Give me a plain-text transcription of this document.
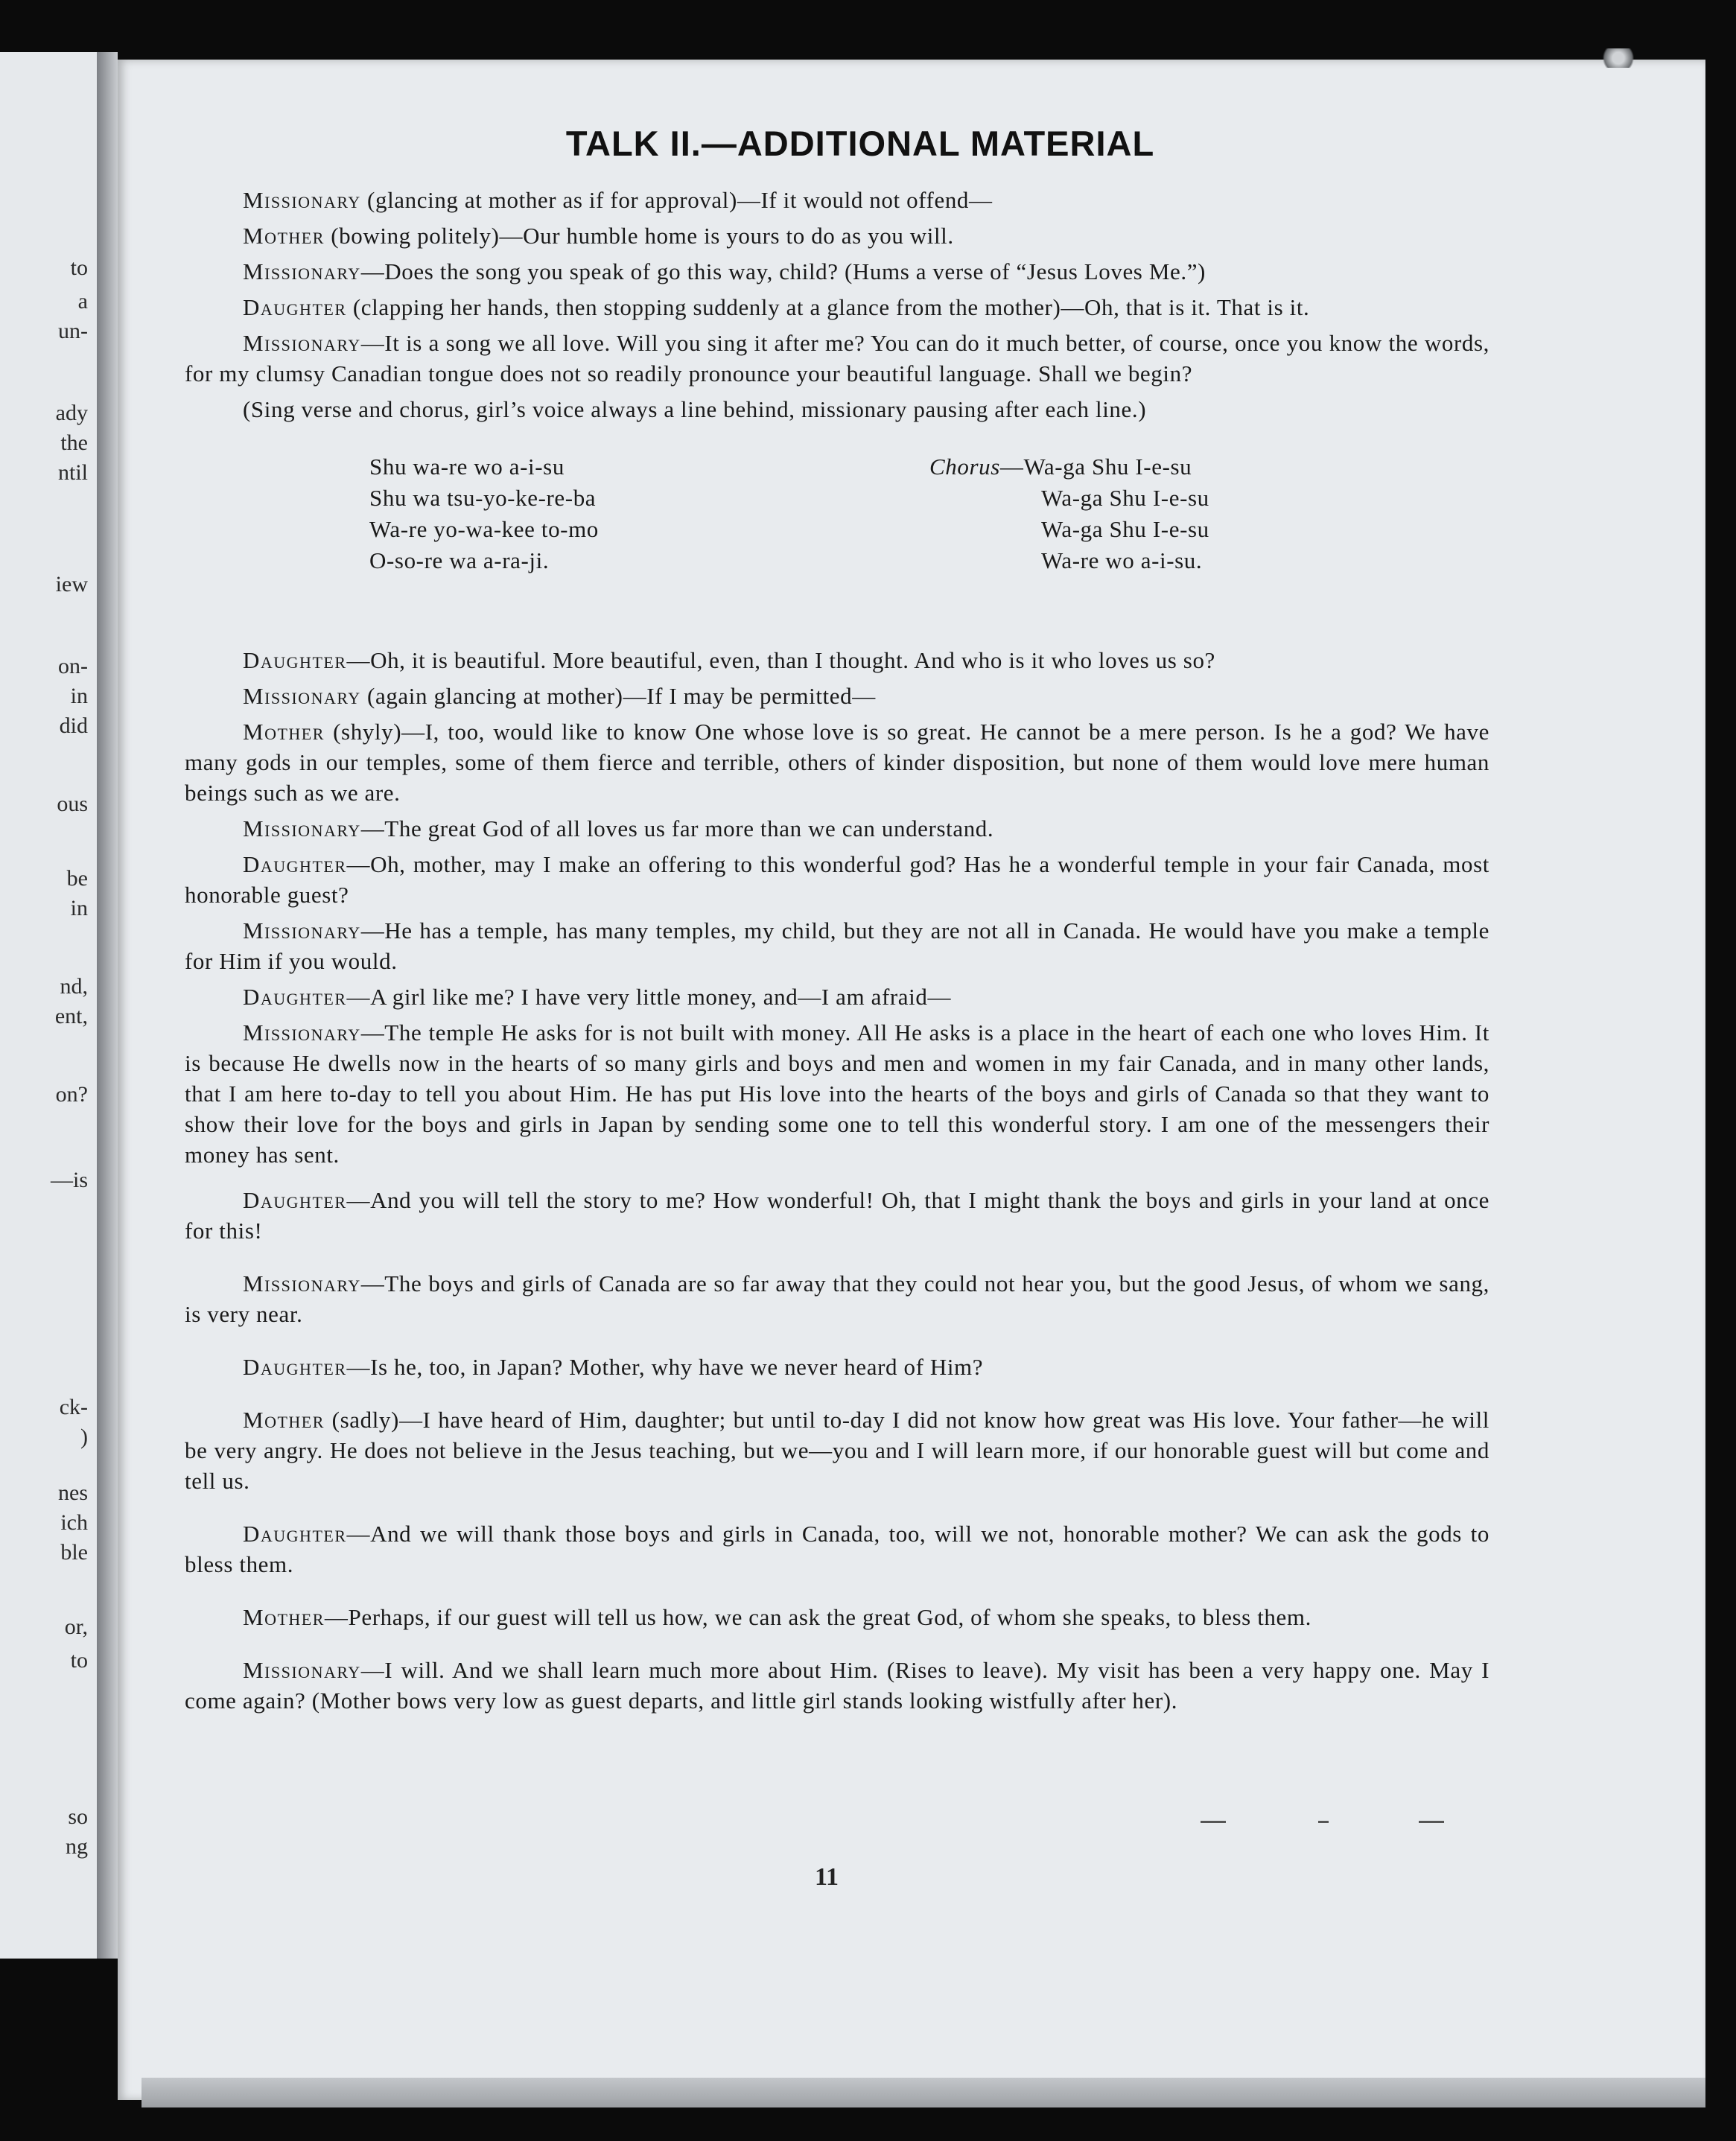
to
a
un-
ady
the
ntil
iew
on-
in
did
ous
be
in
nd,
ent,
on?
—is
ck-
)
nes
ich
ble
or,
to
so
ng
TALK II.—ADDITIONAL MATERIAL

Missionary (glancing at mother as if for approval)—If it would not offend—

Mother (bowing politely)—Our humble home is yours to do as you will.

Missionary—Does the song you speak of go this way, child? (Hums a verse of “Jesus Loves Me.”)

Daughter (clapping her hands, then stopping suddenly at a glance from the mother)—Oh, that is it. That is it.

Missionary—It is a song we all love. Will you sing it after me? You can do it much better, of course, once you know the words, for my clumsy Canadian tongue does not so readily pronounce your beautiful language. Shall we begin?

(Sing verse and chorus, girl’s voice always a line behind, missionary pausing after each line.)

Shu wa-re wo a-i-su
Shu wa tsu-yo-ke-re-ba
Wa-re yo-wa-kee to-mo
O-so-re wa a-ra-ji.
Chorus—Wa-ga Shu I-e-su
Wa-ga Shu I-e-su
Wa-ga Shu I-e-su
Wa-re wo a-i-su.

Daughter—Oh, it is beautiful. More beautiful, even, than I thought. And who is it who loves us so?

Missionary (again glancing at mother)—If I may be permitted—

Mother (shyly)—I, too, would like to know One whose love is so great. He cannot be a mere person. Is he a god? We have many gods in our temples, some of them fierce and terrible, others of kinder disposition, but none of them would love mere human beings such as we are.

Missionary—The great God of all loves us far more than we can understand.

Daughter—Oh, mother, may I make an offering to this wonderful god? Has he a wonderful temple in your fair Canada, most honorable guest?

Missionary—He has a temple, has many temples, my child, but they are not all in Canada. He would have you make a temple for Him if you would.

Daughter—A girl like me? I have very little money, and—I am afraid—

Missionary—The temple He asks for is not built with money. All He asks is a place in the heart of each one who loves Him. It is because He dwells now in the hearts of so many girls and boys and men and women in my fair Canada, and in many other lands, that I am here to-day to tell you about Him. He has put His love into the hearts of the boys and girls of Canada so that they want to show their love for the boys and girls in Japan by sending some one to tell this wonderful story. I am one of the messengers their money has sent.

Daughter—And you will tell the story to me? How wonderful! Oh, that I might thank the boys and girls in your land at once for this!

Missionary—The boys and girls of Canada are so far away that they could not hear you, but the good Jesus, of whom we sang, is very near.

Daughter—Is he, too, in Japan? Mother, why have we never heard of Him?

Mother (sadly)—I have heard of Him, daughter; but until to-day I did not know how great was His love. Your father—he will be very angry. He does not believe in the Jesus teaching, but we—you and I will learn more, if our honorable guest will but come and tell us.

Daughter—And we will thank those boys and girls in Canada, too, will we not, honorable mother? We can ask the gods to bless them.

Mother—Perhaps, if our guest will tell us how, we can ask the great God, of whom she speaks, to bless them.

Missionary—I will. And we shall learn much more about Him. (Rises to leave). My visit has been a very happy one. May I come again? (Mother bows very low as guest departs, and little girl stands looking wistfully after her).

11
